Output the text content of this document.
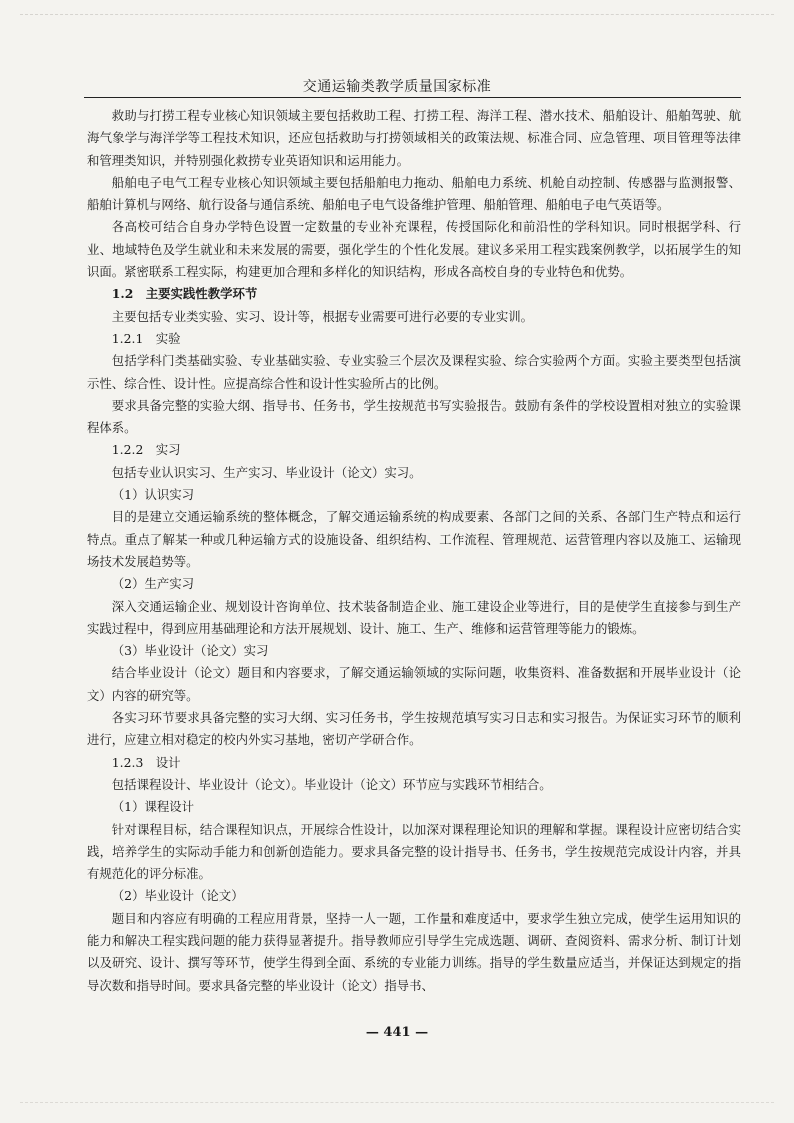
交通运输类教学质量国家标准

救助与打捞工程专业核心知识领域主要包括救助工程、打捞工程、海洋工程、潜水技术、船舶设计、船舶驾驶、航海气象学与海洋学等工程技术知识，还应包括救助与打捞领域相关的政策法规、标准合同、应急管理、项目管理等法律和管理类知识，并特别强化救捞专业英语知识和运用能力。

船舶电子电气工程专业核心知识领域主要包括船舶电力拖动、船舶电力系统、机舱自动控制、传感器与监测报警、船舶计算机与网络、航行设备与通信系统、船舶电子电气设备维护管理、船舶管理、船舶电子电气英语等。

各高校可结合自身办学特色设置一定数量的专业补充课程，传授国际化和前沿性的学科知识。同时根据学科、行业、地域特色及学生就业和未来发展的需要，强化学生的个性化发展。建议多采用工程实践案例教学，以拓展学生的知识面。紧密联系工程实际，构建更加合理和多样化的知识结构，形成各高校自身的专业特色和优势。

1.2　主要实践性教学环节

主要包括专业类实验、实习、设计等，根据专业需要可进行必要的专业实训。

1.2.1　实验

包括学科门类基础实验、专业基础实验、专业实验三个层次及课程实验、综合实验两个方面。实验主要类型包括演示性、综合性、设计性。应提高综合性和设计性实验所占的比例。

要求具备完整的实验大纲、指导书、任务书，学生按规范书写实验报告。鼓励有条件的学校设置相对独立的实验课程体系。

1.2.2　实习

包括专业认识实习、生产实习、毕业设计（论文）实习。

（1）认识实习

目的是建立交通运输系统的整体概念，了解交通运输系统的构成要素、各部门之间的关系、各部门生产特点和运行特点。重点了解某一种或几种运输方式的设施设备、组织结构、工作流程、管理规范、运营管理内容以及施工、运输现场技术发展趋势等。

（2）生产实习

深入交通运输企业、规划设计咨询单位、技术装备制造企业、施工建设企业等进行，目的是使学生直接参与到生产实践过程中，得到应用基础理论和方法开展规划、设计、施工、生产、维修和运营管理等能力的锻炼。

（3）毕业设计（论文）实习

结合毕业设计（论文）题目和内容要求，了解交通运输领域的实际问题，收集资料、准备数据和开展毕业设计（论文）内容的研究等。

各实习环节要求具备完整的实习大纲、实习任务书，学生按规范填写实习日志和实习报告。为保证实习环节的顺利进行，应建立相对稳定的校内外实习基地，密切产学研合作。

1.2.3　设计

包括课程设计、毕业设计（论文）。毕业设计（论文）环节应与实践环节相结合。

（1）课程设计

针对课程目标，结合课程知识点，开展综合性设计，以加深对课程理论知识的理解和掌握。课程设计应密切结合实践，培养学生的实际动手能力和创新创造能力。要求具备完整的设计指导书、任务书，学生按规范完成设计内容，并具有规范化的评分标准。

（2）毕业设计（论文）

题目和内容应有明确的工程应用背景，坚持一人一题，工作量和难度适中，要求学生独立完成，使学生运用知识的能力和解决工程实践问题的能力获得显著提升。指导教师应引导学生完成选题、调研、查阅资料、需求分析、制订计划以及研究、设计、撰写等环节，使学生得到全面、系统的专业能力训练。指导的学生数量应适当，并保证达到规定的指导次数和指导时间。要求具备完整的毕业设计（论文）指导书、

— 441 —
